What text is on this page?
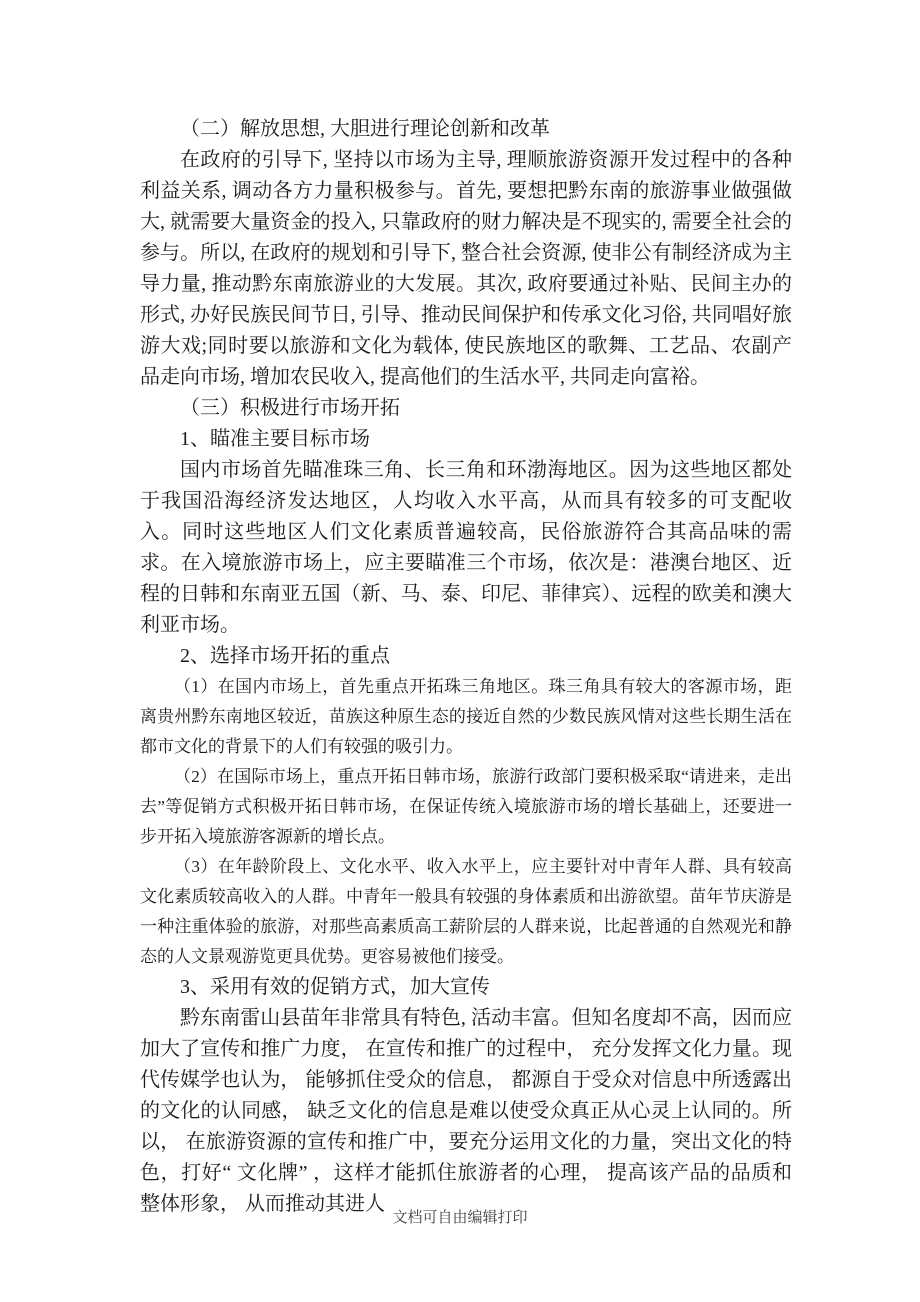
（二）解放思想, 大胆进行理论创新和改革

在政府的引导下, 坚持以市场为主导, 理顺旅游资源开发过程中的各种利益关系, 调动各方力量积极参与。首先, 要想把黔东南的旅游事业做强做大, 就需要大量资金的投入, 只靠政府的财力解决是不现实的, 需要全社会的参与。所以, 在政府的规划和引导下, 整合社会资源, 使非公有制经济成为主导力量, 推动黔东南旅游业的大发展。其次, 政府要通过补贴、民间主办的形式, 办好民族民间节日, 引导、推动民间保护和传承文化习俗, 共同唱好旅游大戏;同时要以旅游和文化为载体, 使民族地区的歌舞、工艺品、农副产品走向市场, 增加农民收入, 提高他们的生活水平, 共同走向富裕。

（三）积极进行市场开拓

1、瞄准主要目标市场

国内市场首先瞄准珠三角、长三角和环渤海地区。因为这些地区都处于我国沿海经济发达地区，人均收入水平高，从而具有较多的可支配收入。同时这些地区人们文化素质普遍较高，民俗旅游符合其高品味的需求。在入境旅游市场上，应主要瞄准三个市场，依次是：港澳台地区、近程的日韩和东南亚五国（新、马、泰、印尼、菲律宾）、远程的欧美和澳大利亚市场。

2、选择市场开拓的重点

（1）在国内市场上，首先重点开拓珠三角地区。珠三角具有较大的客源市场，距离贵州黔东南地区较近，苗族这种原生态的接近自然的少数民族风情对这些长期生活在都市文化的背景下的人们有较强的吸引力。

（2）在国际市场上，重点开拓日韩市场，旅游行政部门要积极采取“请进来，走出去”等促销方式积极开拓日韩市场，在保证传统入境旅游市场的增长基础上，还要进一步开拓入境旅游客源新的增长点。

（3）在年龄阶段上、文化水平、收入水平上，应主要针对中青年人群、具有较高文化素质较高收入的人群。中青年一般具有较强的身体素质和出游欲望。苗年节庆游是一种注重体验的旅游，对那些高素质高工薪阶层的人群来说，比起普通的自然观光和静态的人文景观游览更具优势。更容易被他们接受。

3、采用有效的促销方式，加大宣传

黔东南雷山县苗年非常具有特色, 活动丰富。但知名度却不高，因而应加大了宣传和推广力度， 在宣传和推广的过程中， 充分发挥文化力量。现代传媒学也认为， 能够抓住受众的信息， 都源自于受众对信息中所透露出的文化的认同感， 缺乏文化的信息是难以使受众真正从心灵上认同的。所以， 在旅游资源的宣传和推广中，要充分运用文化的力量，突出文化的特色，打好“ 文化牌” ，这样才能抓住旅游者的心理， 提高该产品的品质和整体形象， 从而推动其进人

文档可自由编辑打印
